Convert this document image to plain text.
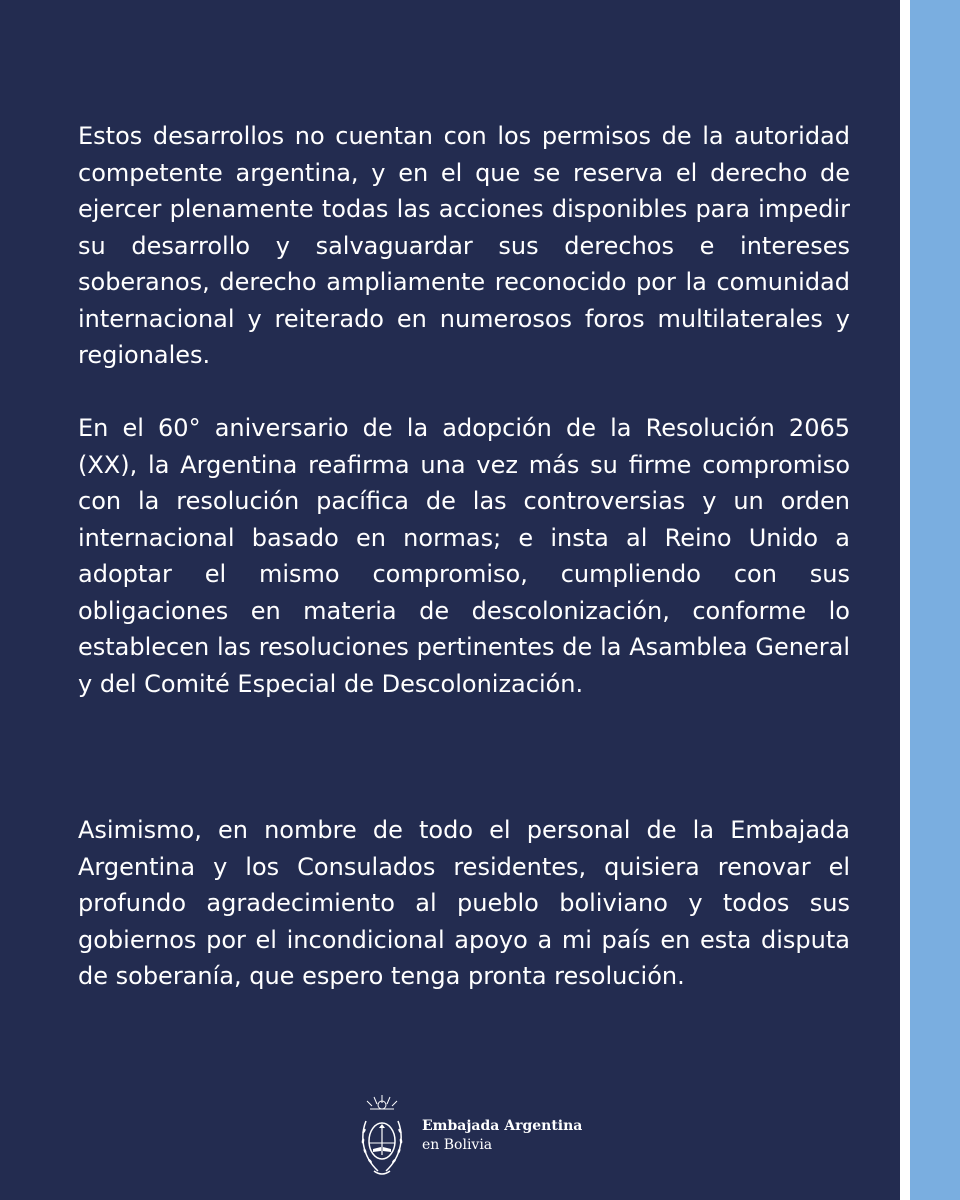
Estos desarrollos no cuentan con los permisos de la autoridad competente argentina, y en el que se reserva el derecho de ejercer plenamente todas las acciones disponibles para impedir su desarrollo y salvaguardar sus derechos e intereses soberanos, derecho ampliamente reconocido por la comunidad internacional y reiterado en numerosos foros multilaterales y regionales.

En el 60° aniversario de la adopción de la Resolución 2065 (XX), la Argentina reafirma una vez más su firme compromiso con la resolución pacífica de las controversias y un orden internacional basado en normas; e insta al Reino Unido a adoptar el mismo compromiso, cumpliendo con sus obligaciones en materia de descolonización, conforme lo establecen las resoluciones pertinentes de la Asamblea General y del Comité Especial de Descolonización.

Asimismo, en nombre de todo el personal de la Embajada Argentina y los Consulados residentes, quisiera renovar el profundo agradecimiento al pueblo boliviano y todos sus gobiernos por el incondicional apoyo a mi país en esta disputa de soberanía, que espero tenga pronta resolución.

Embajada Argentina
en Bolivia
